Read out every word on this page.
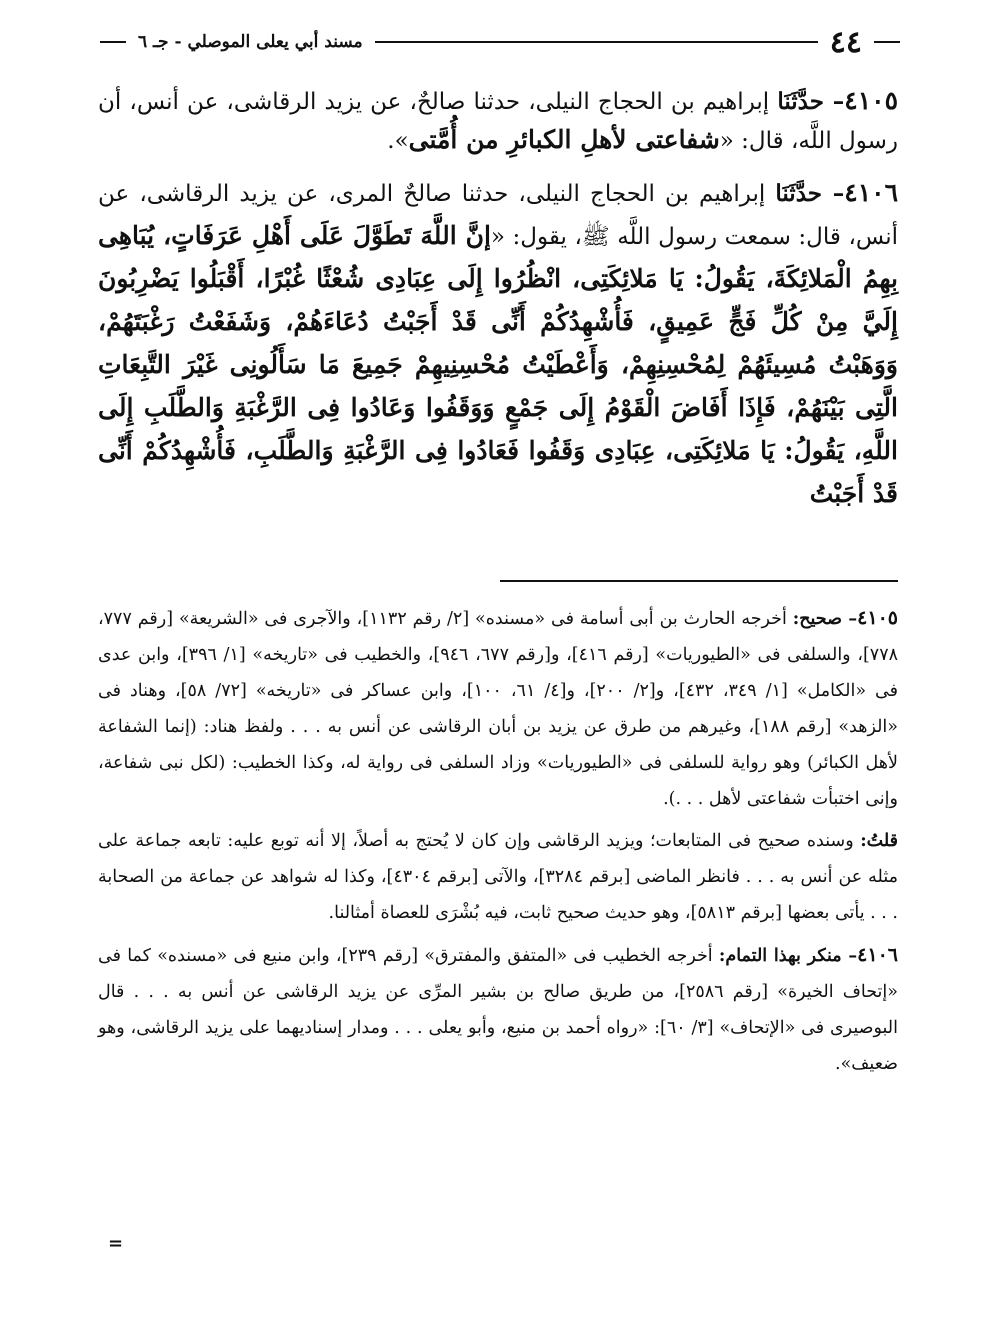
٤٤
مسند أبي يعلى الموصلي - جـ ٦

٤١٠٥– حدَّثَنَا إبراهيم بن الحجاج النيلى، حدثنا صالحٌ، عن يزيد الرقاشى، عن أنس، أن رسول اللَّه، قال: «شفاعتى لأهلِ الكبائرِ من أُمَّتى».

٤١٠٦– حدَّثَنَا إبراهيم بن الحجاج النيلى، حدثنا صالحٌ المرى، عن يزيد الرقاشى، عن أنس، قال: سمعت رسول اللَّه ﷺ، يقول: «إنَّ اللَّهَ تَطَوَّلَ عَلَى أَهْلِ عَرَفَاتٍ، يُبَاهِى بِهِمُ الْمَلائِكَةَ، يَقُولُ: يَا مَلائِكَتِى، انْظُرُوا إِلَى عِبَادِى شُعْثًا غُبْرًا، أَقْبَلُوا يَضْرِبُونَ إِلَيَّ مِنْ كُلِّ فَجٍّ عَمِيقٍ، فَأُشْهِدُكُمْ أَنِّى قَدْ أَجَبْتُ دُعَاءَهُمْ، وَشَفَعْتُ رَغْبَتَهُمْ، وَوَهَبْتُ مُسِيئَهُمْ لِمُحْسِنِهِمْ، وَأَعْطَيْتُ مُحْسِنِيهِمْ جَمِيعَ مَا سَأَلُونِى غَيْرَ التَّبِعَاتِ الَّتِى بَيْنَهُمْ، فَإِذَا أَفَاضَ الْقَوْمُ إِلَى جَمْعٍ وَوَقَفُوا وَعَادُوا فِى الرَّغْبَةِ وَالطَّلَبِ إِلَى اللَّهِ، يَقُولُ: يَا مَلائِكَتِى، عِبَادِى وَقَفُوا فَعَادُوا فِى الرَّغْبَةِ وَالطَّلَبِ، فَأُشْهِدُكُمْ أَنِّى قَدْ أَجَبْتُ

٤١٠٥– صحيح: أخرجه الحارث بن أبى أسامة فى «مسنده» [٢/ رقم ١١٣٢]، والآجرى فى «الشريعة» [رقم ٧٧٧، ٧٧٨]، والسلفى فى «الطيوريات» [رقم ٤١٦]، و[رقم ٦٧٧، ٩٤٦]، والخطيب فى «تاريخه» [١/ ٣٩٦]، وابن عدى فى «الكامل» [١/ ٣٤٩، ٤٣٢]، و[٢/ ٢٠٠]، و[٤/ ٦١، ١٠٠]، وابن عساكر فى «تاريخه» [٧٢/ ٥٨]، وهناد فى «الزهد» [رقم ١٨٨]، وغيرهم من طرق عن يزيد بن أبان الرقاشى عن أنس به . . . ولفظ هناد: (إنما الشفاعة لأهل الكبائر) وهو رواية للسلفى فى «الطيوريات» وزاد السلفى فى رواية له، وكذا الخطيب: (لكل نبى شفاعة، وإنى اختبأت شفاعتى لأهل . . .).

قلتُ: وسنده صحيح فى المتابعات؛ ويزيد الرقاشى وإن كان لا يُحتج به أصلاً، إلا أنه توبع عليه: تابعه جماعة على مثله عن أنس به . . . فانظر الماضى [برقم ٣٢٨٤]، والآتى [برقم ٤٣٠٤]، وكذا له شواهد عن جماعة من الصحابة . . . يأتى بعضها [برقم ٥٨١٣]، وهو حديث صحيح ثابت، فيه بُشْرَى للعصاة أمثالنا.

٤١٠٦– منكر بهذا التمام: أخرجه الخطيب فى «المتفق والمفترق» [رقم ٢٣٩]، وابن منيع فى «مسنده» كما فى «إتحاف الخيرة» [رقم ٢٥٨٦]، من طريق صالح بن بشير المرِّى عن يزيد الرقاشى عن أنس به . . . قال البوصيرى فى «الإتحاف» [٣/ ٦٠]: «رواه أحمد بن منيع، وأبو يعلى . . . ومدار إسناديهما على يزيد الرقاشى، وهو ضعيف».

=
